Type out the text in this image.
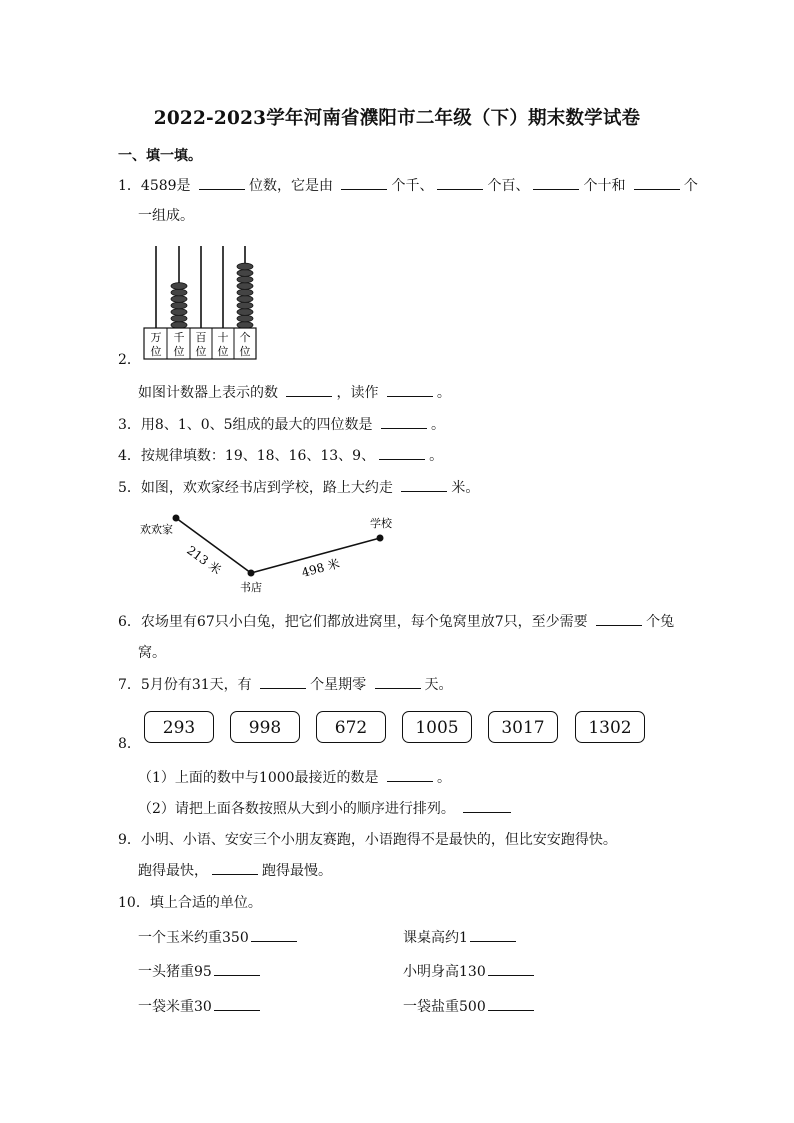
2022-2023学年河南省濮阳市二年级（下）期末数学试卷
一、填一填。
1．4589是	位数，它是由	个千、	个百、	个十和	个
一组成。
万
位
千
位
百
位
十
位
个
位
2．
如图计数器上表示的数	，读作	。
3．用8、1、0、5组成的最大的四位数是	。
4．按规律填数：19、18、16、13、9、	。
5．如图，欢欢家经书店到学校，路上大约走	米。
欢欢家	学校
书店
213 米	498 米
6．农场里有67只小白兔，把它们都放进窝里，每个兔窝里放7只，至少需要	个兔
窝。
7．5月份有31天，有	个星期零	天。
8．
293	998	672	1005	3017	1302
（1）上面的数中与1000最接近的数是	。
（2）请把上面各数按照从大到小的顺序进行排列。
9．小明、小语、安安三个小朋友赛跑，小语跑得不是最快的，但比安安跑得快。
跑得最快，	跑得最慢。
10．填上合适的单位。
一个玉米约重350	课桌高约1
一头猪重95	小明身高130
一袋米重30	一袋盐重500
